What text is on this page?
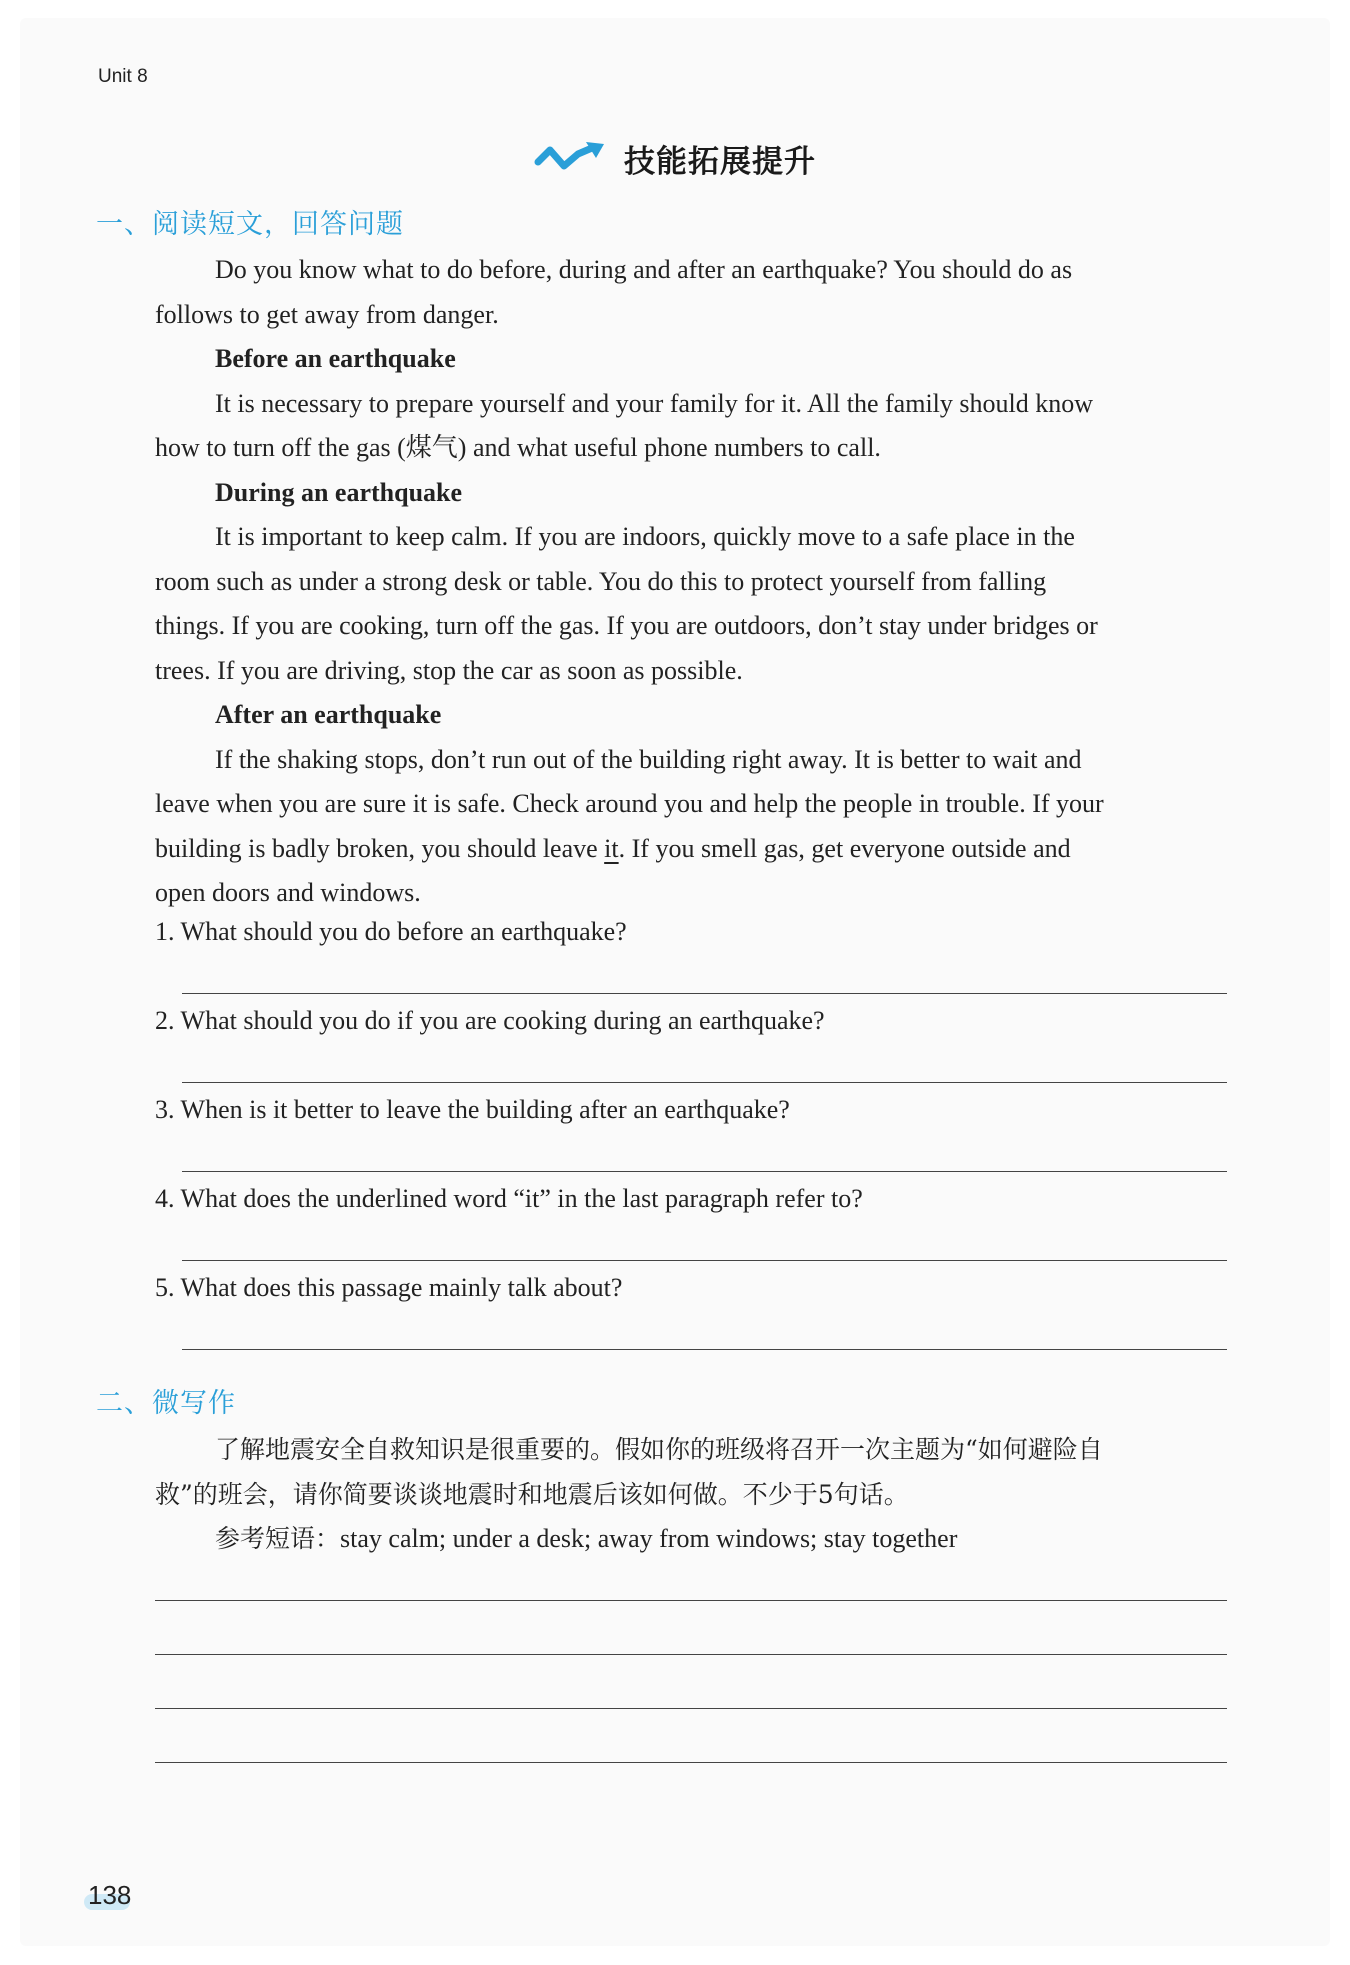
Unit 8
技能拓展提升
一、阅读短文，回答问题

Do you know what to do before, during and after an earthquake? You should do as

follows to get away from danger.

Before an earthquake

It is necessary to prepare yourself and your family for it. All the family should know

how to turn off the gas (煤气) and what useful phone numbers to call.

During an earthquake

It is important to keep calm. If you are indoors, quickly move to a safe place in the

room such as under a strong desk or table. You do this to protect yourself from falling

things. If you are cooking, turn off the gas. If you are outdoors, don’t stay under bridges or

trees. If you are driving, stop the car as soon as possible.

After an earthquake

If the shaking stops, don’t run out of the building right away. It is better to wait and

leave when you are sure it is safe. Check around you and help the people in trouble. If your

building is badly broken, you should leave it. If you smell gas, get everyone outside and

open doors and windows.

1. What should you do before an earthquake?
2. What should you do if you are cooking during an earthquake?
3. When is it better to leave the building after an earthquake?
4. What does the underlined word “it” in the last paragraph refer to?
5. What does this passage mainly talk about?
二、微写作

了解地震安全自救知识是很重要的。假如你的班级将召开一次主题为“如何避险自

救”的班会，请你简要谈谈地震时和地震后该如何做。不少于5句话。

参考短语：stay calm; under a desk; away from windows; stay together

138
